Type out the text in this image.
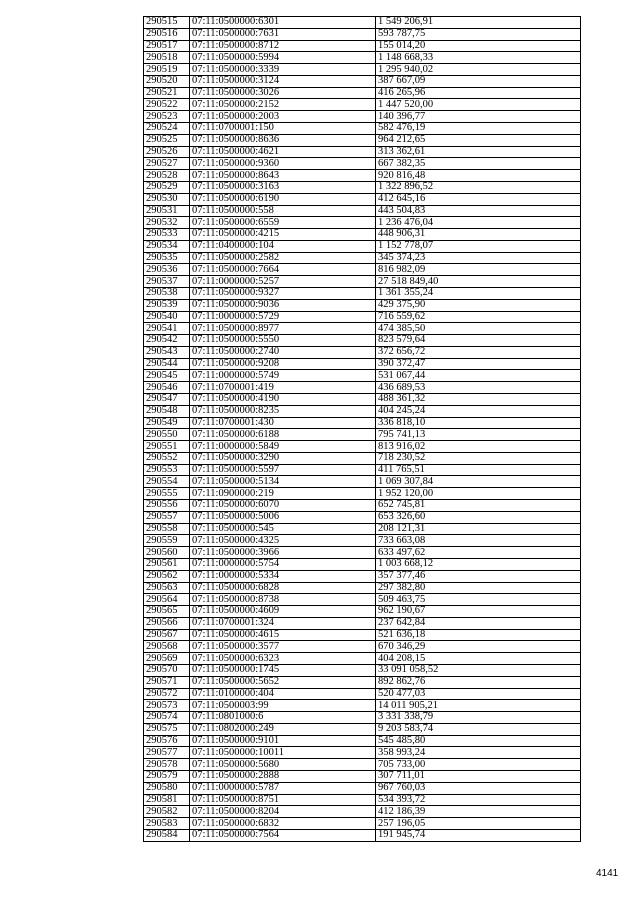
290515	07:11:0500000:6301	1 549 206,91
290516	07:11:0500000:7631	593 787,75
290517	07:11:0500000:8712	155 014,20
290518	07:11:0500000:5994	1 148 668,33
290519	07:11:0500000:3339	1 295 940,02
290520	07:11:0500000:3124	387 667,09
290521	07:11:0500000:3026	416 265,96
290522	07:11:0500000:2152	1 447 520,00
290523	07:11:0500000:2003	140 396,77
290524	07:11:0700001:150	582 476,19
290525	07:11:0500000:8636	964 212,65
290526	07:11:0500000:4621	313 362,61
290527	07:11:0500000:9360	667 382,35
290528	07:11:0500000:8643	920 816,48
290529	07:11:0500000:3163	1 322 896,52
290530	07:11:0500000:6190	412 645,16
290531	07:11:0500000:558	443 504,83
290532	07:11:0500000:6559	1 236 476,04
290533	07:11:0500000:4215	448 906,31
290534	07:11:0400000:104	1 152 778,07
290535	07:11:0500000:2582	345 374,23
290536	07:11:0500000:7664	816 982,09
290537	07:11:0000000:5257	27 518 849,40
290538	07:11:0500000:9327	1 361 355,24
290539	07:11:0500000:9036	429 375,90
290540	07:11:0000000:5729	716 559,62
290541	07:11:0500000:8977	474 385,50
290542	07:11:0500000:5550	823 579,64
290543	07:11:0500000:2740	372 656,72
290544	07:11:0500000:9208	390 372,47
290545	07:11:0000000:5749	531 067,44
290546	07:11:0700001:419	436 689,53
290547	07:11:0500000:4190	488 361,32
290548	07:11:0500000:8235	404 245,24
290549	07:11:0700001:430	336 818,10
290550	07:11:0500000:6188	795 741,13
290551	07:11:0000000:5849	813 916,02
290552	07:11:0500000:3290	718 230,52
290553	07:11:0500000:5597	411 765,51
290554	07:11:0500000:5134	1 069 307,84
290555	07:11:0900000:219	1 952 120,00
290556	07:11:0500000:6070	652 745,81
290557	07:11:0500000:5006	653 326,60
290558	07:11:0500000:545	208 121,31
290559	07:11:0500000:4325	733 663,08
290560	07:11:0500000:3966	633 497,62
290561	07:11:0000000:5754	1 003 668,12
290562	07:11:0000000:5334	357 377,46
290563	07:11:0500000:6828	297 382,80
290564	07:11:0500000:8738	509 463,75
290565	07:11:0500000:4609	962 190,67
290566	07:11:0700001:324	237 642,84
290567	07:11:0500000:4615	521 636,18
290568	07:11:0500000:3577	670 346,29
290569	07:11:0500000:6323	404 208,15
290570	07:11:0500000:1745	33 091 058,52
290571	07:11:0500000:5652	892 862,76
290572	07:11:0100000:404	520 477,03
290573	07:11:0500003:99	14 011 905,21
290574	07:11:0801000:6	3 331 338,79
290575	07:11:0802000:249	9 203 583,74
290576	07:11:0500000:9101	545 485,80
290577	07:11:0500000:10011	358 993,24
290578	07:11:0500000:5680	705 733,00
290579	07:11:0500000:2888	307 711,01
290580	07:11:0000000:5787	967 760,03
290581	07:11:0500000:8751	534 393,72
290582	07:11:0500000:8204	412 186,39
290583	07:11:0500000:6832	257 196,05
290584	07:11:0500000:7564	191 945,74
4141
